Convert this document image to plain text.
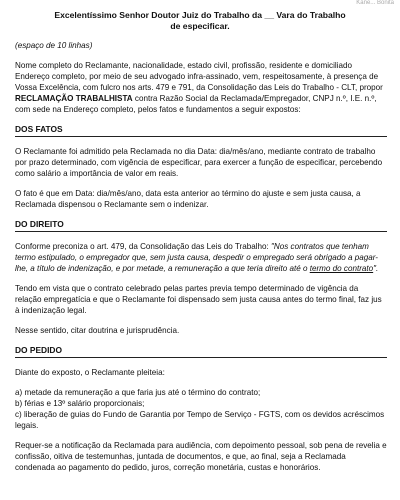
Kane... Bonita
Excelentíssimo Senhor Doutor Juiz do Trabalho da __ Vara do Trabalho
de especificar.

(espaço de 10 linhas)

Nome completo do Reclamante, nacionalidade, estado civil, profissão, residente e domiciliado Endereço completo, por meio de seu advogado infra-assinado, vem, respeitosamente, à presença de Vossa Excelência, com fulcro nos arts. 479 e 791, da Consolidação das Leis do Trabalho - CLT, propor RECLAMAÇÃO TRABALHISTA contra Razão Social da Reclamada/Empregador, CNPJ n.º, I.E. n.º, com sede na Endereço completo, pelos fatos e fundamentos a seguir expostos:

DOS FATOS

O Reclamante foi admitido pela Reclamada no dia Data: dia/mês/ano, mediante contrato de trabalho por prazo determinado, com vigência de especificar, para exercer a função de especificar, percebendo como salário a importância de valor em reais.

O fato é que em Data: dia/mês/ano, data esta anterior ao término do ajuste e sem justa causa, a Reclamada dispensou o Reclamante sem o indenizar.

DO DIREITO

Conforme preconiza o art. 479, da Consolidação das Leis do Trabalho: "Nos contratos que tenham termo estipulado, o empregador que, sem justa causa, despedir o empregado será obrigado a pagar-lhe, a título de indenização, e por metade, a remuneração a que teria direito até o termo do contrato".

Tendo em vista que o contrato celebrado pelas partes previa tempo determinado de vigência da relação empregatícia e que o Reclamante foi dispensado sem justa causa antes do termo final, faz jus à indenização legal.

Nesse sentido, citar doutrina e jurisprudência.

DO PEDIDO

Diante do exposto, o Reclamante pleiteia:

a) metade da remuneração a que faria jus até o término do contrato;

b) férias e 13º salário proporcionais;

c) liberação de guias do Fundo de Garantia por Tempo de Serviço - FGTS, com os devidos acréscimos legais.

Requer-se a notificação da Reclamada para audiência, com depoimento pessoal, sob pena de revelia e confissão, oitiva de testemunhas, juntada de documentos, e que, ao final, seja a Reclamada condenada ao pagamento do pedido, juros, correção monetária, custas e honorários.
